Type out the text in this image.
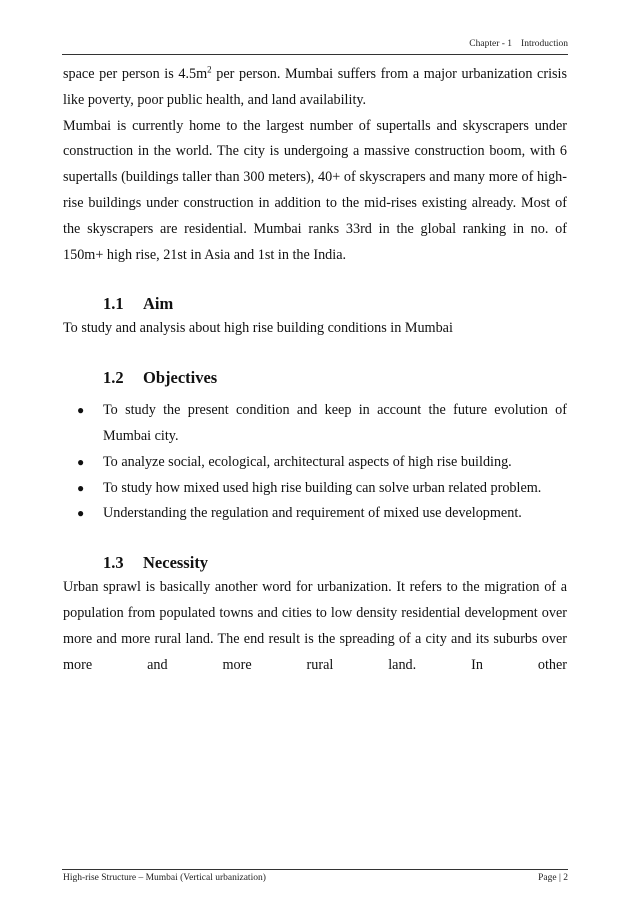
Chapter - 1 Introduction

space per person is $4.5m^2$ per person. Mumbai suffers from a major urbanization crisis like poverty, poor public health, and land availability.

Mumbai is currently home to the largest number of supertalls and skyscrapers under construction in the world. The city is undergoing a massive construction boom, with 6 supertalls (buildings taller than 300 meters), 40+ of skyscrapers and many more of high-rise buildings under construction in addition to the mid-rises existing already. Most of the skyscrapers are residential. Mumbai ranks 33rd in the global ranking in no. of 150m+ high rise, 21st in Asia and 1st in the India.

1.1 Aim

To study and analysis about high rise building conditions in Mumbai

1.2 Objectives
● To study the present condition and keep in account the future evolution of Mumbai city.
● To analyze social, ecological, architectural aspects of high rise building.
● To study how mixed used high rise building can solve urban related problem.
● Understanding the regulation and requirement of mixed use development.
1.3 Necessity

Urban sprawl is basically another word for urbanization. It refers to the migration of a population from populated towns and cities to low density residential development over more and more rural land. The end result is the spreading of a city and its suburbs over more and more rural land. In other

High-rise Structure – Mumbai (Vertical urbanization)	Page | 2
